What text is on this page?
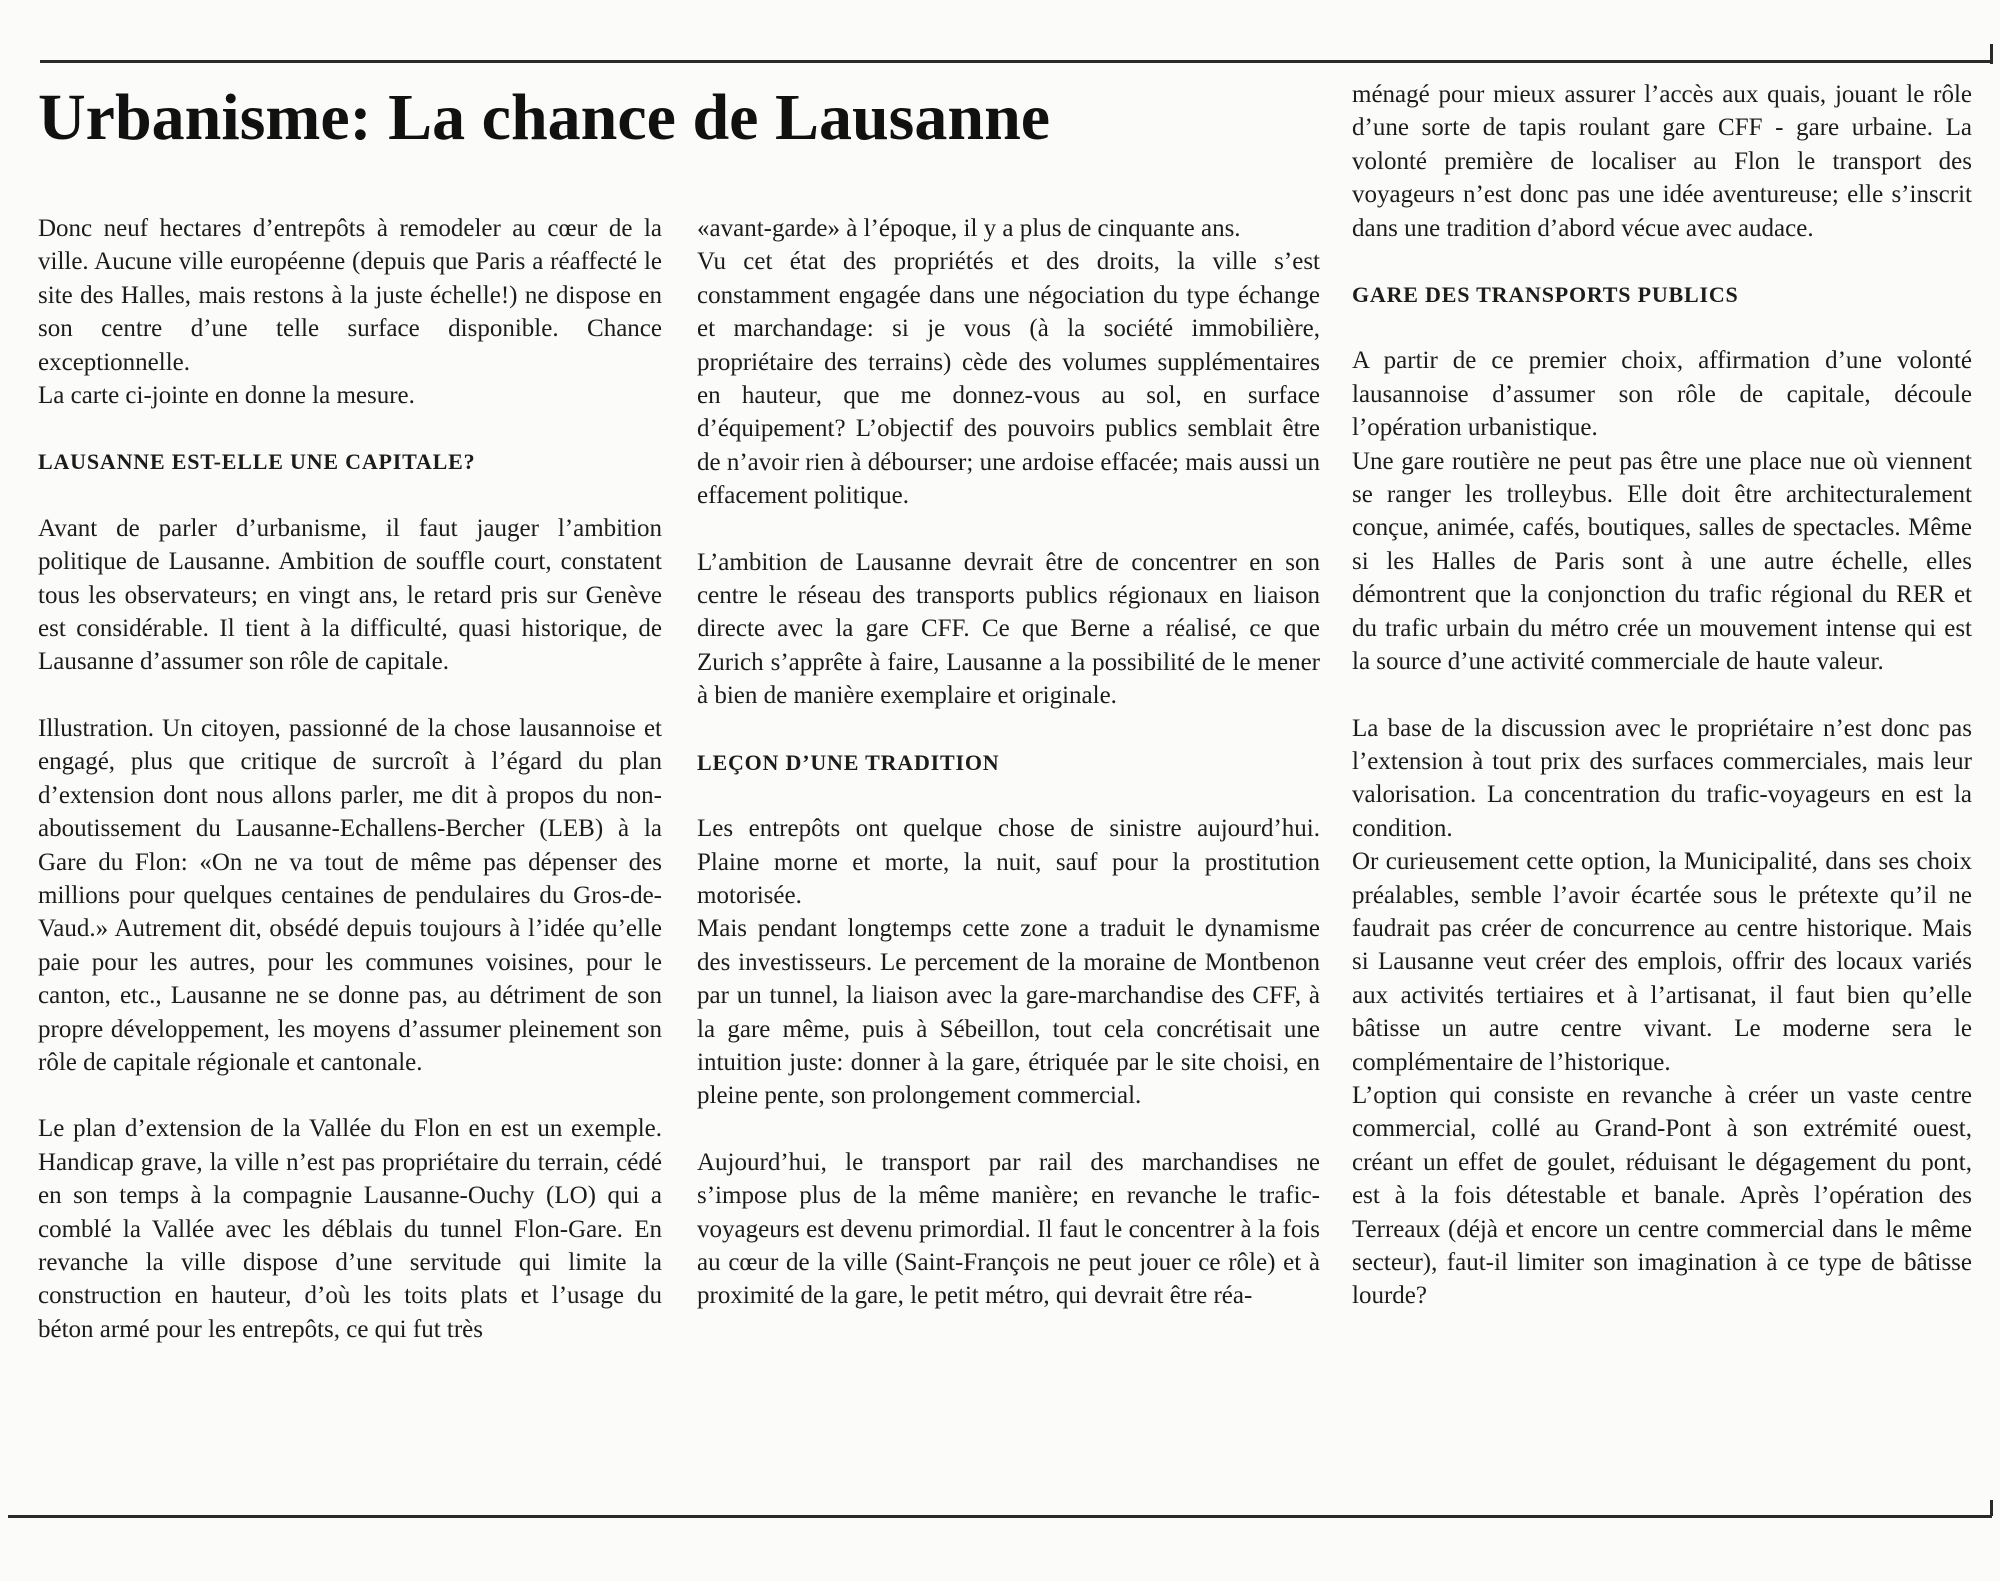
Urbanisme: La chance de Lausanne

Donc neuf hectares d’entrepôts à remodeler au cœur de la ville. Aucune ville européenne (depuis que Paris a réaffecté le site des Halles, mais restons à la juste échelle!) ne dispose en son centre d’une telle surface disponible. Chance exceptionnelle.

La carte ci-jointe en donne la mesure.

LAUSANNE EST-ELLE UNE CAPITALE?

Avant de parler d’urbanisme, il faut jauger l’ambition politique de Lausanne. Ambition de souffle court, constatent tous les observateurs; en vingt ans, le retard pris sur Genève est considérable. Il tient à la difficulté, quasi historique, de Lausanne d’assumer son rôle de capitale.

Illustration. Un citoyen, passionné de la chose lausannoise et engagé, plus que critique de surcroît à l’égard du plan d’extension dont nous allons parler, me dit à propos du non-aboutissement du Lausanne-Echallens-Bercher (LEB) à la Gare du Flon: «On ne va tout de même pas dépenser des millions pour quelques centaines de pendulaires du Gros-de-Vaud.» Autrement dit, obsédé depuis toujours à l’idée qu’elle paie pour les autres, pour les communes voisines, pour le canton, etc., Lausanne ne se donne pas, au détriment de son propre développement, les moyens d’assumer pleinement son rôle de capitale régionale et cantonale.

Le plan d’extension de la Vallée du Flon en est un exemple. Handicap grave, la ville n’est pas propriétaire du terrain, cédé en son temps à la compagnie Lausanne-Ouchy (LO) qui a comblé la Vallée avec les déblais du tunnel Flon-Gare. En revanche la ville dispose d’une servitude qui limite la construction en hauteur, d’où les toits plats et l’usage du béton armé pour les entrepôts, ce qui fut très

«avant-garde» à l’époque, il y a plus de cinquante ans.

Vu cet état des propriétés et des droits, la ville s’est constamment engagée dans une négociation du type échange et marchandage: si je vous (à la société immobilière, propriétaire des terrains) cède des volumes supplémentaires en hauteur, que me donnez-vous au sol, en surface d’équipement? L’objectif des pouvoirs publics semblait être de n’avoir rien à débourser; une ardoise effacée; mais aussi un effacement politique.

L’ambition de Lausanne devrait être de concentrer en son centre le réseau des transports publics régionaux en liaison directe avec la gare CFF. Ce que Berne a réalisé, ce que Zurich s’apprête à faire, Lausanne a la possibilité de le mener à bien de manière exemplaire et originale.

LEÇON D’UNE TRADITION

Les entrepôts ont quelque chose de sinistre aujourd’hui. Plaine morne et morte, la nuit, sauf pour la prostitution motorisée.

Mais pendant longtemps cette zone a traduit le dynamisme des investisseurs. Le percement de la moraine de Montbenon par un tunnel, la liaison avec la gare-marchandise des CFF, à la gare même, puis à Sébeillon, tout cela concrétisait une intuition juste: donner à la gare, étriquée par le site choisi, en pleine pente, son prolongement commercial.

Aujourd’hui, le transport par rail des marchandises ne s’impose plus de la même manière; en revanche le trafic-voyageurs est devenu primordial. Il faut le concentrer à la fois au cœur de la ville (Saint-François ne peut jouer ce rôle) et à proximité de la gare, le petit métro, qui devrait être réa-

ménagé pour mieux assurer l’accès aux quais, jouant le rôle d’une sorte de tapis roulant gare CFF - gare urbaine. La volonté première de localiser au Flon le transport des voyageurs n’est donc pas une idée aventureuse; elle s’inscrit dans une tradition d’abord vécue avec audace.

GARE DES TRANSPORTS PUBLICS

A partir de ce premier choix, affirmation d’une volonté lausannoise d’assumer son rôle de capitale, découle l’opération urbanistique.

Une gare routière ne peut pas être une place nue où viennent se ranger les trolleybus. Elle doit être architecturalement conçue, animée, cafés, boutiques, salles de spectacles. Même si les Halles de Paris sont à une autre échelle, elles démontrent que la conjonction du trafic régional du RER et du trafic urbain du métro crée un mouvement intense qui est la source d’une activité commerciale de haute valeur.

La base de la discussion avec le propriétaire n’est donc pas l’extension à tout prix des surfaces commerciales, mais leur valorisation. La concentration du trafic-voyageurs en est la condition.

Or curieusement cette option, la Municipalité, dans ses choix préalables, semble l’avoir écartée sous le prétexte qu’il ne faudrait pas créer de concurrence au centre historique. Mais si Lausanne veut créer des emplois, offrir des locaux variés aux activités tertiaires et à l’artisanat, il faut bien qu’elle bâtisse un autre centre vivant. Le moderne sera le complémentaire de l’historique.

L’option qui consiste en revanche à créer un vaste centre commercial, collé au Grand-Pont à son extrémité ouest, créant un effet de goulet, réduisant le dégagement du pont, est à la fois détestable et banale. Après l’opération des Terreaux (déjà et encore un centre commercial dans le même secteur), faut-il limiter son imagination à ce type de bâtisse lourde?
